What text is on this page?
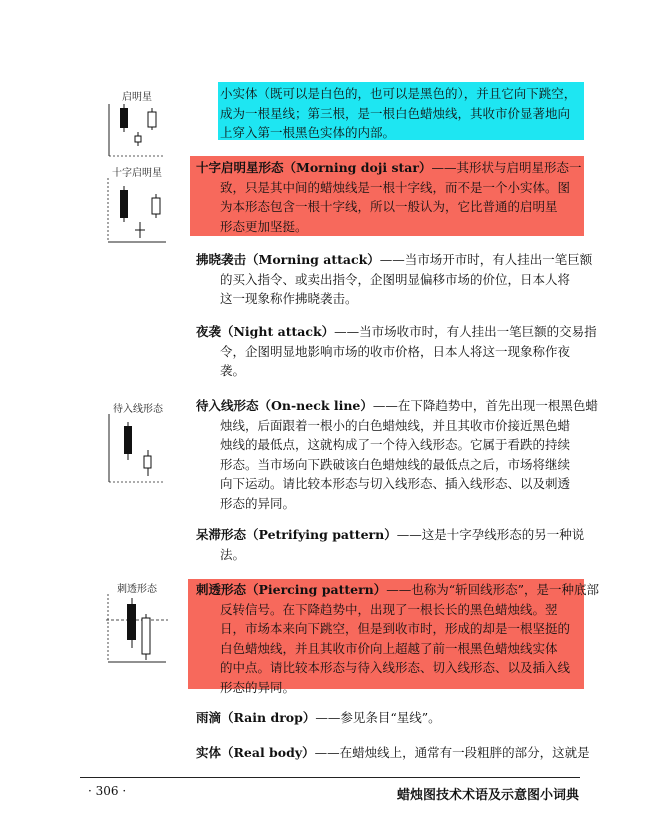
启明星
十字启明星
待入线形态
刺透形态
小实体（既可以是白色的，也可以是黑色的），并且它向下跳空，
成为一根星线；第三根，是一根白色蜡烛线，其收市价显著地向
上穿入第一根黑色实体的内部。
十字启明星形态（Morning doji star）——其形状与启明星形态一
致，只是其中间的蜡烛线是一根十字线，而不是一个小实体。图
为本形态包含一根十字线，所以一般认为，它比普通的启明星
形态更加坚挺。
拂晓袭击（Morning attack）——当市场开市时，有人挂出一笔巨额
的买入指令、或卖出指令，企图明显偏移市场的价位，日本人将
这一现象称作拂晓袭击。
夜袭（Night attack）——当市场收市时，有人挂出一笔巨额的交易指
令，企图明显地影响市场的收市价格，日本人将这一现象称作夜
袭。
待入线形态（On-neck line）——在下降趋势中，首先出现一根黑色蜡
烛线，后面跟着一根小的白色蜡烛线，并且其收市价接近黑色蜡
烛线的最低点，这就构成了一个待入线形态。它属于看跌的持续
形态。当市场向下跌破该白色蜡烛线的最低点之后，市场将继续
向下运动。请比较本形态与切入线形态、插入线形态、以及刺透
形态的异同。
呆滞形态（Petrifying pattern）——这是十字孕线形态的另一种说
法。
刺透形态（Piercing pattern）——也称为“斩回线形态”，是一种底部
反转信号。在下降趋势中，出现了一根长长的黑色蜡烛线。翌
日，市场本来向下跳空，但是到收市时，形成的却是一根坚挺的
白色蜡烛线，并且其收市价向上超越了前一根黑色蜡烛线实体
的中点。请比较本形态与待入线形态、切入线形态、以及插入线
形态的异同。
雨滴（Rain drop）——参见条目“星线”。
实体（Real body）——在蜡烛线上，通常有一段粗胖的部分，这就是
· 306 ·	蜡烛图技术术语及示意图小词典
